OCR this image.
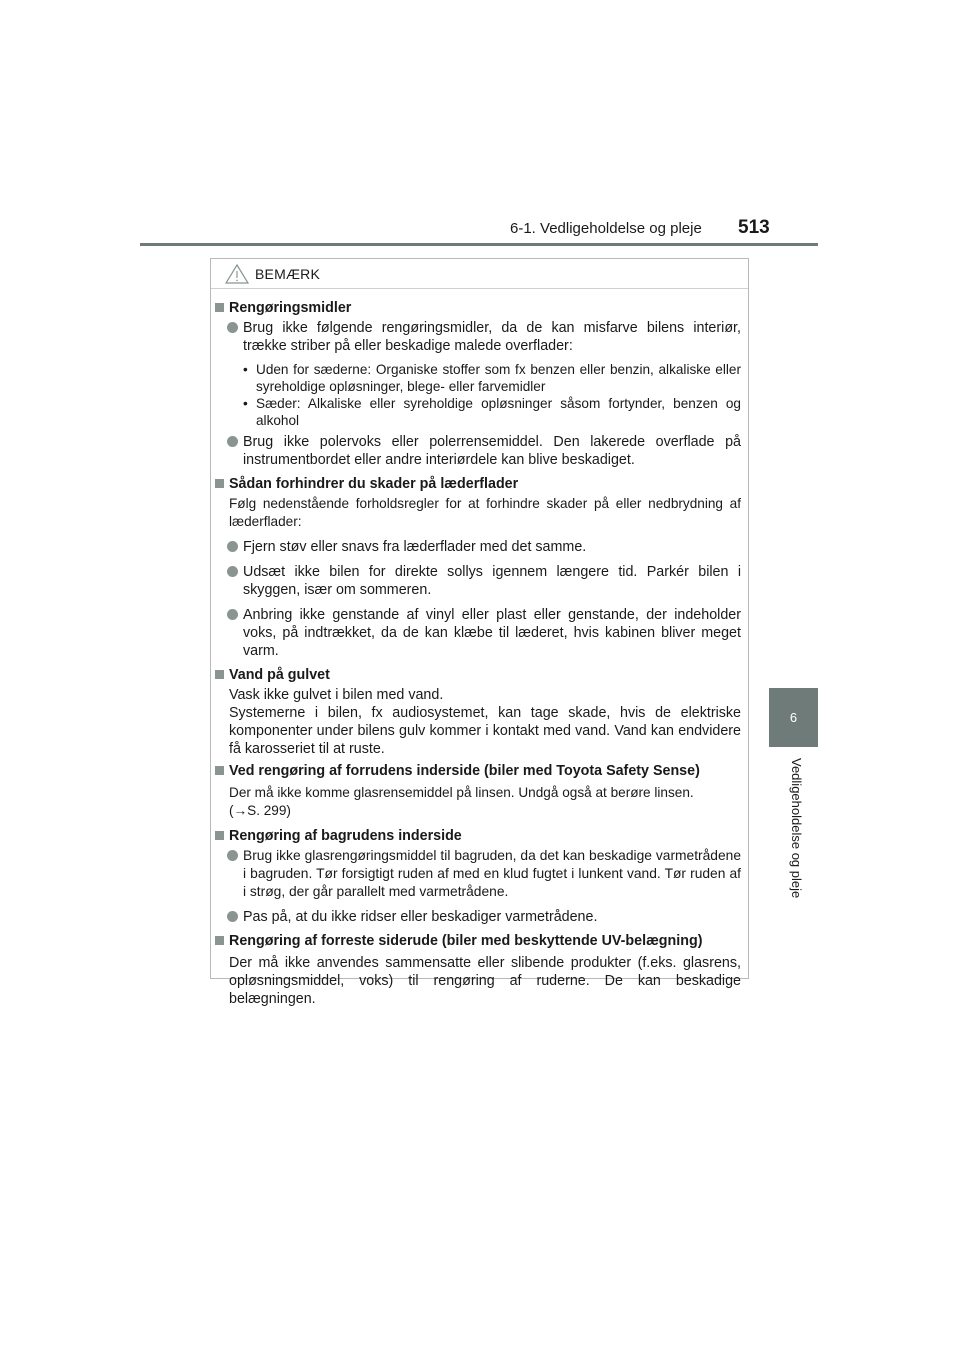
6-1. Vedligeholdelse og pleje 513
6
Vedligeholdelse og pleje
BEMÆRK
Rengøringsmidler
Brug ikke følgende rengøringsmidler, da de kan misfarve bilens interiør, trække striber på eller beskadige malede overflader:
• Uden for sæderne: Organiske stoffer som fx benzen eller benzin, alkaliske eller syreholdige opløsninger, blege- eller farvemidler
• Sæder: Alkaliske eller syreholdige opløsninger såsom fortynder, benzen og alkohol
Brug ikke polervoks eller polerrensemiddel. Den lakerede overflade på instrumentbordet eller andre interiørdele kan blive beskadiget.
Sådan forhindrer du skader på læderflader
Følg nedenstående forholdsregler for at forhindre skader på eller nedbrydning af læderflader:
Fjern støv eller snavs fra læderflader med det samme.
Udsæt ikke bilen for direkte sollys igennem længere tid. Parkér bilen i skyggen, især om sommeren.
Anbring ikke genstande af vinyl eller plast eller genstande, der indeholder voks, på indtrækket, da de kan klæbe til læderet, hvis kabinen bliver meget varm.
Vand på gulvet
Vask ikke gulvet i bilen med vand.
Systemerne i bilen, fx audiosystemet, kan tage skade, hvis de elektriske komponenter under bilens gulv kommer i kontakt med vand. Vand kan endvidere få karosseriet til at ruste.
Ved rengøring af forrudens inderside (biler med Toyota Safety Sense)
Der må ikke komme glasrensemiddel på linsen. Undgå også at berøre linsen.
(→S. 299)
Rengøring af bagrudens inderside
Brug ikke glasrengøringsmiddel til bagruden, da det kan beskadige varmetrådene i bagruden. Tør forsigtigt ruden af med en klud fugtet i lunkent vand. Tør ruden af i strøg, der går parallelt med varmetrådene.
Pas på, at du ikke ridser eller beskadiger varmetrådene.
Rengøring af forreste siderude (biler med beskyttende UV-belægning)
Der må ikke anvendes sammensatte eller slibende produkter (f.eks. glasrens, opløsningsmiddel, voks) til rengøring af ruderne. De kan beskadige belægningen.
